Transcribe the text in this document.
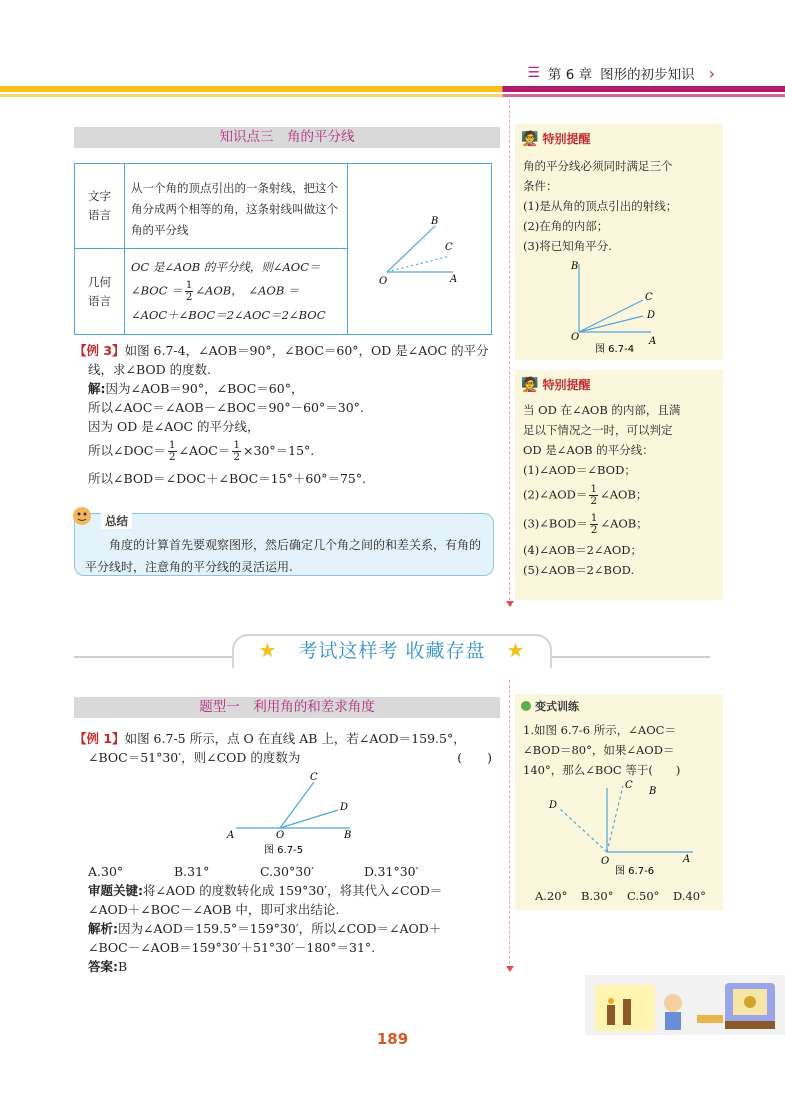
☰ 第 6 章 图形的初步知识 ›
知识点三　角的平分线
文字语言
从一个角的顶点引出的一条射线，把这个角分成两个相等的角，这条射线叫做这个角的平分线
几何语言
OC 是∠AOB 的平分线，则∠AOC＝
∠BOC ＝ $\frac{1}{2}$ ∠AOB，　∠AOB ＝
∠AOC＋∠BOC＝2∠AOC＝2∠BOC
B
C
A
O
【例 3】如图 6.7-4，∠AOB＝90°，∠BOC＝60°，OD 是∠AOC 的平分
线，求∠BOD 的度数.
解:因为∠AOB＝90°，∠BOC＝60°，
所以∠AOC＝∠AOB－∠BOC＝90°－60°＝30°.
因为 OD 是∠AOC 的平分线，
所以∠DOC＝ $\frac{1}{2}$ ∠AOC＝ $\frac{1}{2} \times 30^\circ=15^\circ$.
所以∠BOD＝∠DOC＋∠BOC＝15°＋60°＝75°.
总结
角度的计算首先要观察图形，然后确定几个角之间的和差关系，有角的平分线时，注意角的平分线的灵活运用.
🧑‍🏫 特别提醒
角的平分线必须同时满足三个
条件：
(1)是从角的顶点引出的射线；
(2)在角的内部；
(3)将已知角平分.
B
C
D
O	A
图 6.7-4
🧑‍🏫 特别提醒
当 OD 在∠AOB 的内部，且满
足以下情况之一时，可以判定
OD 是∠AOB 的平分线：
(1)∠AOD＝∠BOD；
(2)∠AOD＝ $\frac{1}{2}$ ∠AOB；
(3)∠BOD＝ $\frac{1}{2}$ ∠AOB；
(4)∠AOB＝2∠AOD；
(5)∠AOB＝2∠BOD.
★ 考试这样考 收藏存盘 ★
题型一　利用角的和差求角度
【例 1】如图 6.7-5 所示，点 O 在直线 AB 上，若∠AOD＝159.5°，
∠BOC＝51°30′，则∠COD 的度数为	(　　)
C
D
A	O	B
图 6.7-5
A.30°	B.31°	C.30°30′	D.31°30′
审题关键:将∠AOD 的度数转化成 159°30′，将其代入∠COD＝
∠AOD＋∠BOC－∠AOB 中，即可求出结论.
解析:因为∠AOD＝159.5°＝159°30′，所以∠COD＝∠AOD＋
∠BOC－∠AOB＝159°30′＋51°30′－180°＝31°.
答案:B
变式训练
1.如图 6.7-6 所示，∠AOC＝
∠BOD＝80°，如果∠AOD＝
140°，那么∠BOC 等于(　　)
C
B
D
O	A
图 6.7-6
A.20° B.30° C.50° D.40°
189
